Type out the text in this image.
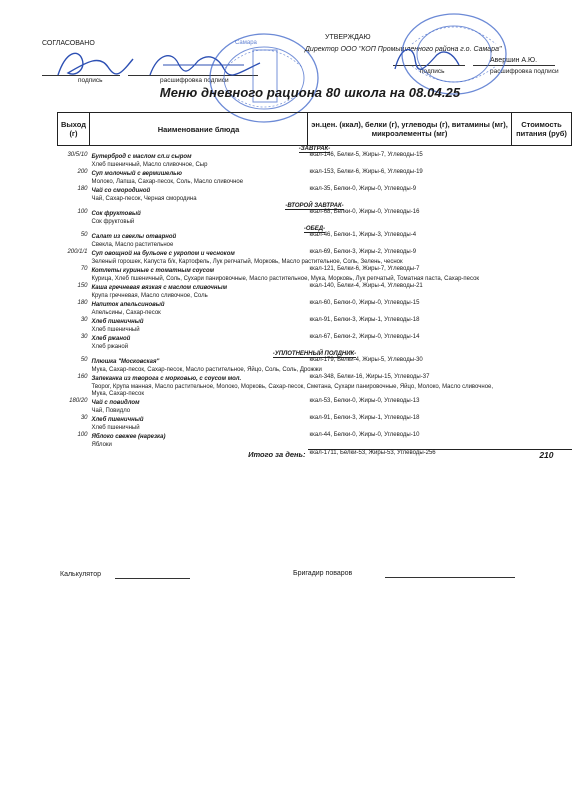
СОГЛАСОВАНО
подпись	расшифровка подписи
Самара
УТВЕРЖДАЮ
Директор ООО "КОП Промышленного района г.о. Самара"
Авершин А.Ю.
подпись	расшифровка подписи
Меню дневного рациона 80 школа на 08.04.25
Выход (г)	Наименование блюда	эн.цен. (ккал), белки (г), углеводы (г), витамины (мг), микроэлементы (мг)	Стоимость питания (руб)
-ЗАВТРАК-			
30/5/10	Бутерброд с маслом сл.и сыром	ккал-146, Белки-5, Жиры-7, Углеводы-15	
	Хлеб пшеничный, Масло сливочное, Сыр		
200	Суп молочный с вермишелью	ккал-153, Белки-6, Жиры-6, Углеводы-19	
	Молоко, Лапша, Сахар-песок, Соль, Масло сливочное		
180	Чай со смородиной	ккал-35, Белки-0, Жиры-0, Углеводы-9	
	Чай, Сахар-песок, Черная смородина		
-ВТОРОЙ ЗАВТРАК-			
100	Сок фруктовый	ккал-68, Белки-0, Жиры-0, Углеводы-16	
	Сок фруктовый		
-ОБЕД-			
50	Салат из свеклы отварной	ккал-46, Белки-1, Жиры-3, Углеводы-4	
	Свекла, Масло растительное		
200/1/1	Суп овощной на бульоне с укропом и чесноком	ккал-69, Белки-3, Жиры-2, Углеводы-9	
	Зеленый горошек, Капуста б/к, Картофель, Лук репчатый, Морковь, Масло растительное, Соль, Зелень, чеснок		
70	Котлеты куриные с томатным соусом	ккал-121, Белки-6, Жиры-7, Углеводы-7	
	Курица, Хлеб пшеничный, Соль, Сухари панировочные, Масло растительное, Мука, Морковь, Лук репчатый, Томатная паста, Сахар-песок		
150	Каша гречневая вязкая с маслом сливочным	ккал-140, Белки-4, Жиры-4, Углеводы-21	
	Крупа гречневая, Масло сливочное, Соль		
180	Напиток апельсиновый	ккал-60, Белки-0, Жиры-0, Углеводы-15	
	Апельсины, Сахар-песок		
30	Хлеб пшеничный	ккал-91, Белки-3, Жиры-1, Углеводы-18	
	Хлеб пшеничный		
30	Хлеб ржаной	ккал-67, Белки-2, Жиры-0, Углеводы-14	
	Хлеб ржаной		
-УПЛОТНЕННЫЙ ПОЛДНИК-			
50	Плюшка "Московская"	ккал-179, Белки-4, Жиры-5, Углеводы-30	
	Мука, Сахар-песок, Сахар-песок, Масло растительное, Яйцо, Соль, Соль, Дрожжи		
160	Запеканка из творога с морковью, с соусом мол.	ккал-348, Белки-16, Жиры-15, Углеводы-37	
	Творог, Крупа манная, Масло растительное, Молоко, Морковь, Сахар-песок, Сметана, Сухари панировочные, Яйцо, Молоко, Масло сливочное, Мука, Сахар-песок		
180/20	Чай с повидлом	ккал-53, Белки-0, Жиры-0, Углеводы-13	
	Чай, Повидло		
30	Хлеб пшеничный	ккал-91, Белки-3, Жиры-1, Углеводы-18	
	Хлеб пшеничный		
100	Яблоко свежее (нарезка)	ккал-44, Белки-0, Жиры-0, Углеводы-10	
	Яблоки		
Итого за день:		ккал-1711, Белки-53, Жиры-53, Углеводы-256	210
Калькулятор	Бригадир поваров
